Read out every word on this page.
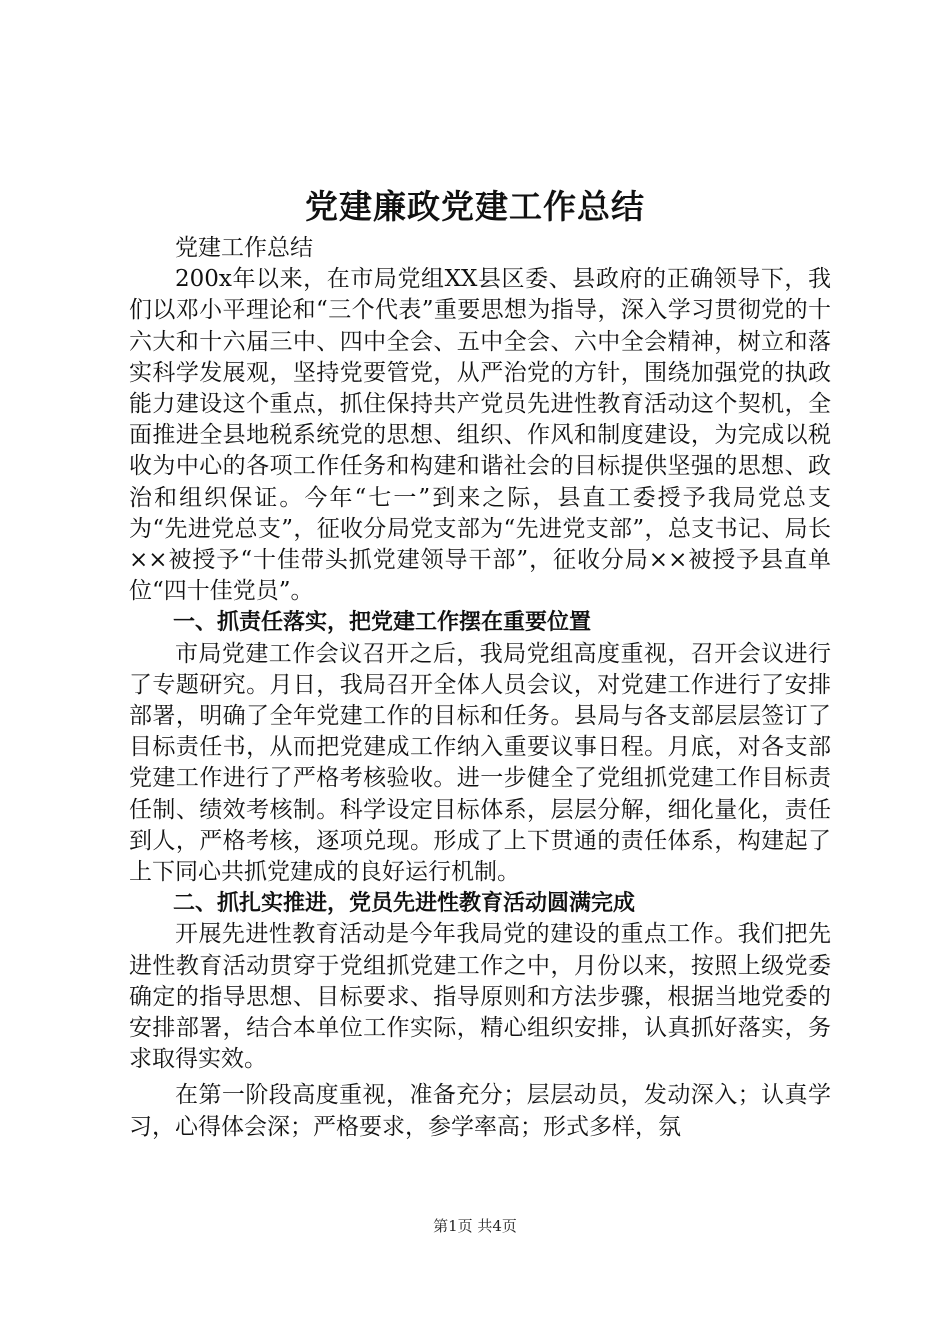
党建廉政党建工作总结

党建工作总结

200x年以来，在市局党组XX县区委、县政府的正确领导下，我们以邓小平理论和“三个代表”重要思想为指导，深入学习贯彻党的十六大和十六届三中、四中全会、五中全会、六中全会精神，树立和落实科学发展观，坚持党要管党，从严治党的方针，围绕加强党的执政能力建设这个重点，抓住保持共产党员先进性教育活动这个契机，全面推进全县地税系统党的思想、组织、作风和制度建设，为完成以税收为中心的各项工作任务和构建和谐社会的目标提供坚强的思想、政治和组织保证。今年“七一”到来之际，县直工委授予我局党总支为“先进党总支”，征收分局党支部为“先进党支部”，总支书记、局长××被授予“十佳带头抓党建领导干部”，征收分局××被授予县直单位“四十佳党员”。

一、抓责任落实，把党建工作摆在重要位置

市局党建工作会议召开之后，我局党组高度重视，召开会议进行了专题研究。月日，我局召开全体人员会议，对党建工作进行了安排部署，明确了全年党建工作的目标和任务。县局与各支部层层签订了目标责任书，从而把党建成工作纳入重要议事日程。月底，对各支部党建工作进行了严格考核验收。进一步健全了党组抓党建工作目标责任制、绩效考核制。科学设定目标体系，层层分解，细化量化，责任到人，严格考核，逐项兑现。形成了上下贯通的责任体系，构建起了上下同心共抓党建成的良好运行机制。

二、抓扎实推进，党员先进性教育活动圆满完成

开展先进性教育活动是今年我局党的建设的重点工作。我们把先进性教育活动贯穿于党组抓党建工作之中，月份以来，按照上级党委确定的指导思想、目标要求、指导原则和方法步骤，根据当地党委的安排部署，结合本单位工作实际，精心组织安排，认真抓好落实，务求取得实效。

在第一阶段高度重视，准备充分；层层动员，发动深入；认真学习，心得体会深；严格要求，参学率高；形式多样，氛

第1页 共4页
